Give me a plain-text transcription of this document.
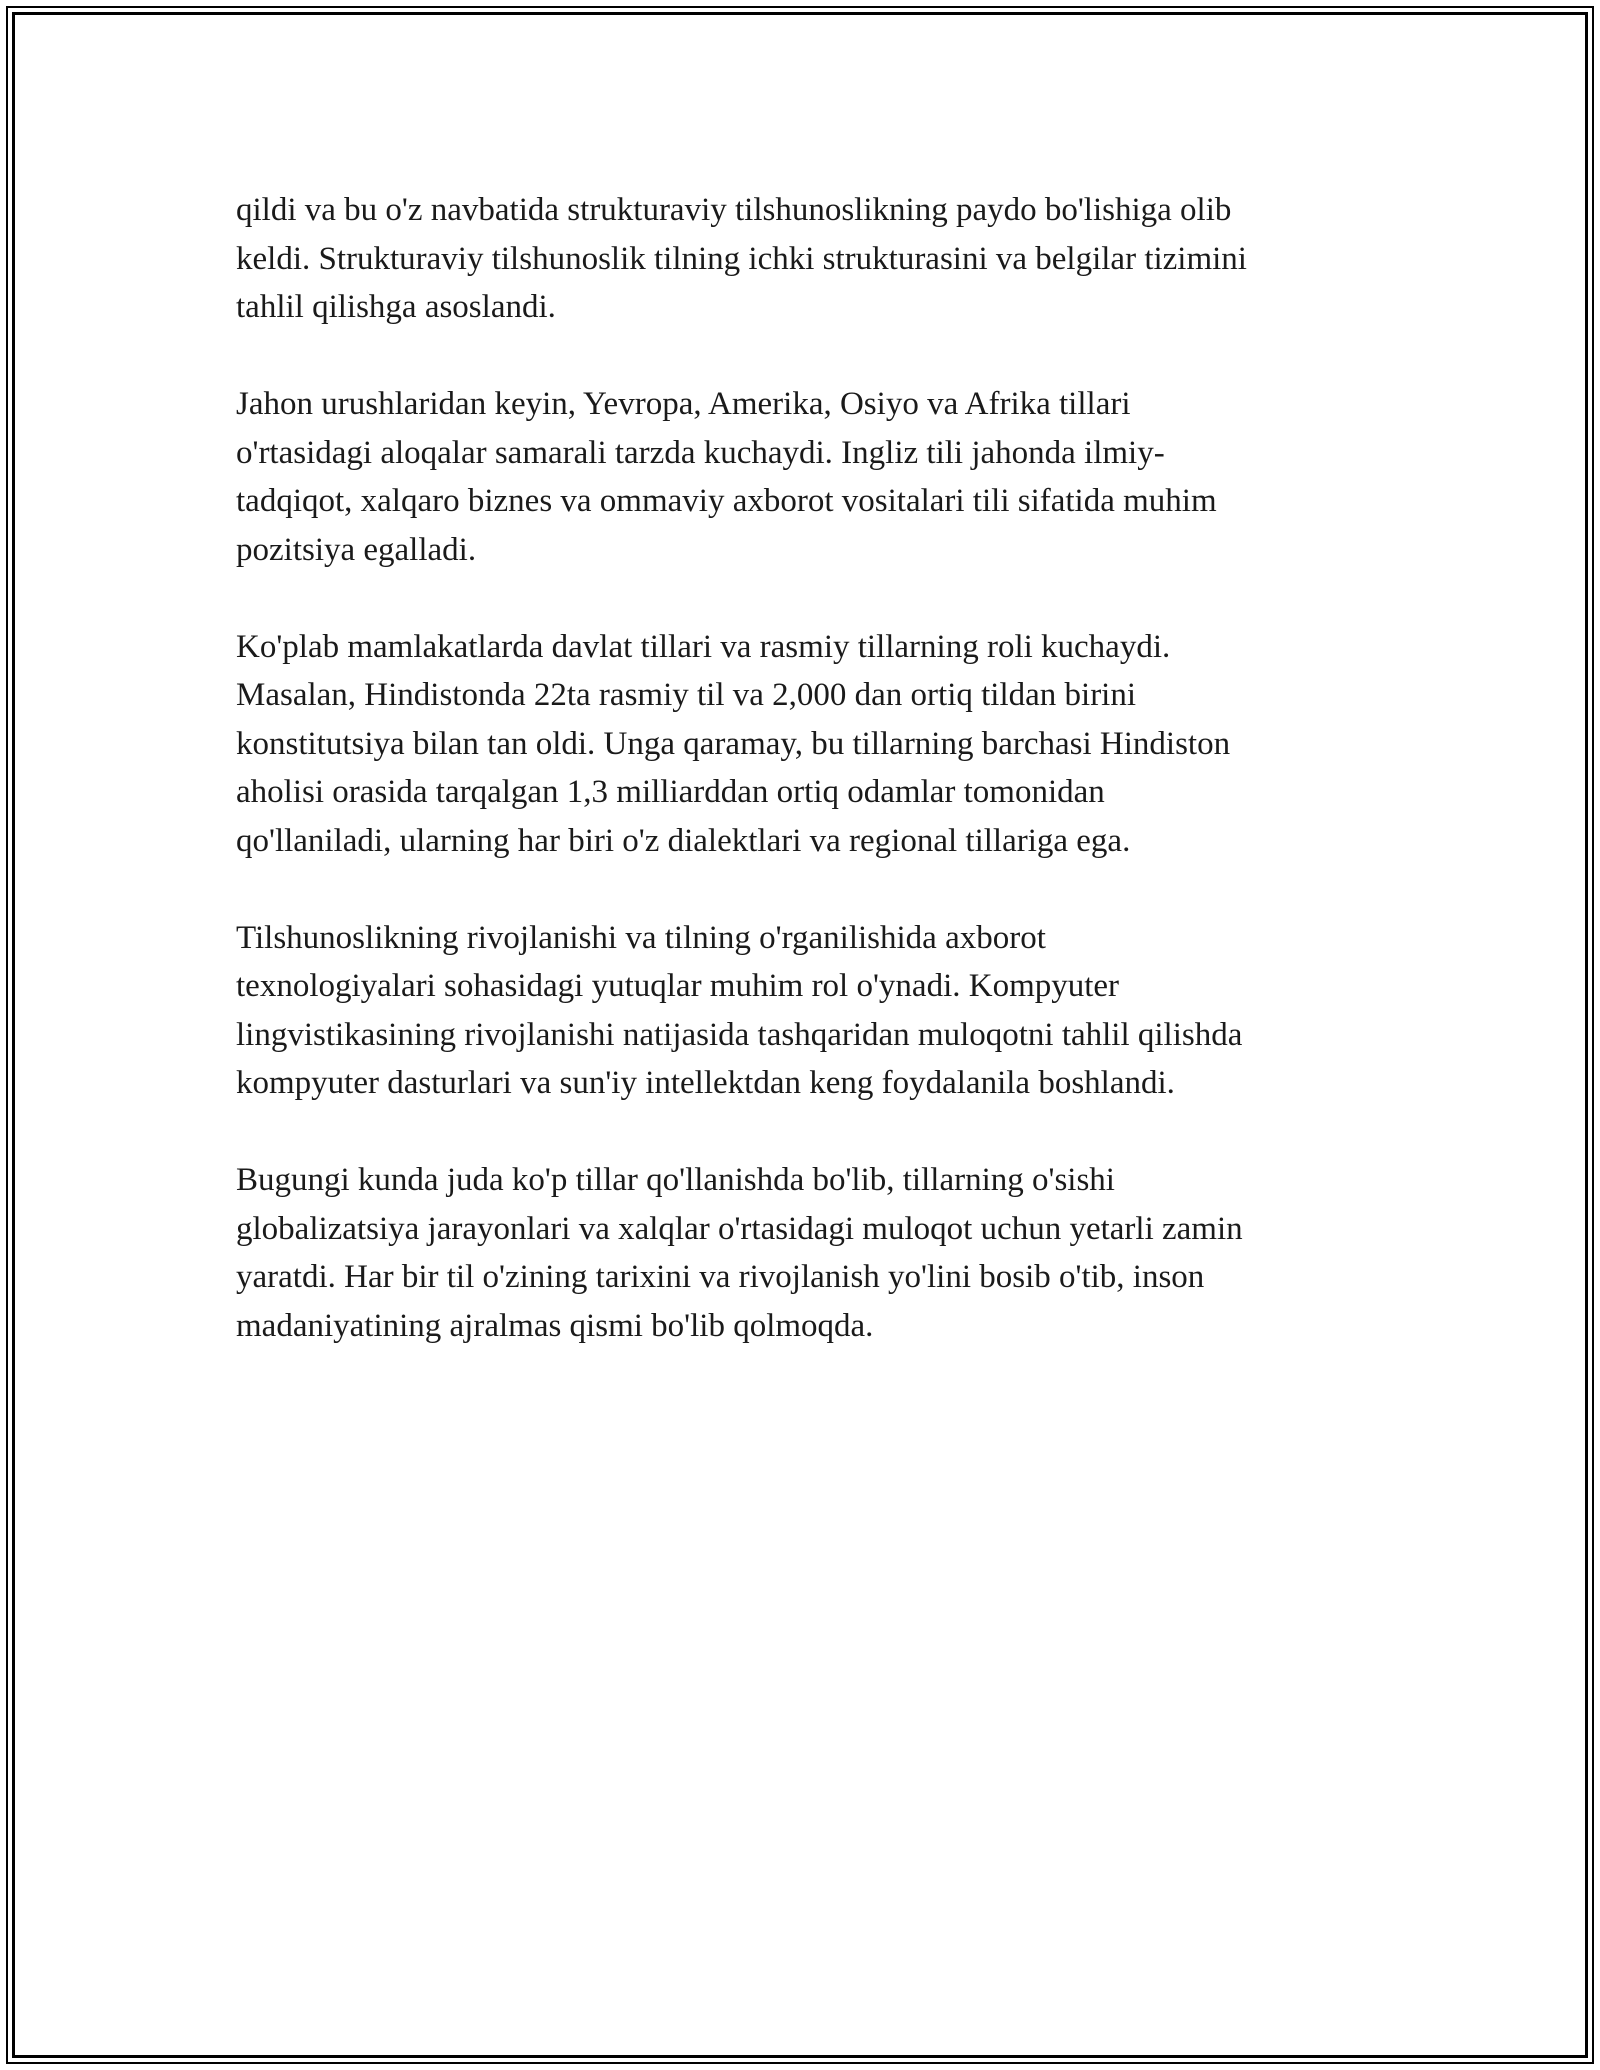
qildi va bu o'z navbatida strukturaviy tilshunoslikning paydo bo'lishiga olib
keldi. Strukturaviy tilshunoslik tilning ichki strukturasini va belgilar tizimini
tahlil qilishga asoslandi.

Jahon urushlaridan keyin, Yevropa, Amerika, Osiyo va Afrika tillari
o'rtasidagi aloqalar samarali tarzda kuchaydi. Ingliz tili jahonda ilmiy-
tadqiqot, xalqaro biznes va ommaviy axborot vositalari tili sifatida muhim
pozitsiya egalladi.

Ko'plab mamlakatlarda davlat tillari va rasmiy tillarning roli kuchaydi.
Masalan, Hindistonda 22ta rasmiy til va 2,000 dan ortiq tildan birini
konstitutsiya bilan tan oldi. Unga qaramay, bu tillarning barchasi Hindiston
aholisi orasida tarqalgan 1,3 milliarddan ortiq odamlar tomonidan
qo'llaniladi, ularning har biri o'z dialektlari va regional tillariga ega.

Tilshunoslikning rivojlanishi va tilning o'rganilishida axborot
texnologiyalari sohasidagi yutuqlar muhim rol o'ynadi. Kompyuter
lingvistikasining rivojlanishi natijasida tashqaridan muloqotni tahlil qilishda
kompyuter dasturlari va sun'iy intellektdan keng foydalanila boshlandi.

Bugungi kunda juda ko'p tillar qo'llanishda bo'lib, tillarning o'sishi
globalizatsiya jarayonlari va xalqlar o'rtasidagi muloqot uchun yetarli zamin
yaratdi. Har bir til o'zining tarixini va rivojlanish yo'lini bosib o'tib, inson
madaniyatining ajralmas qismi bo'lib qolmoqda.
